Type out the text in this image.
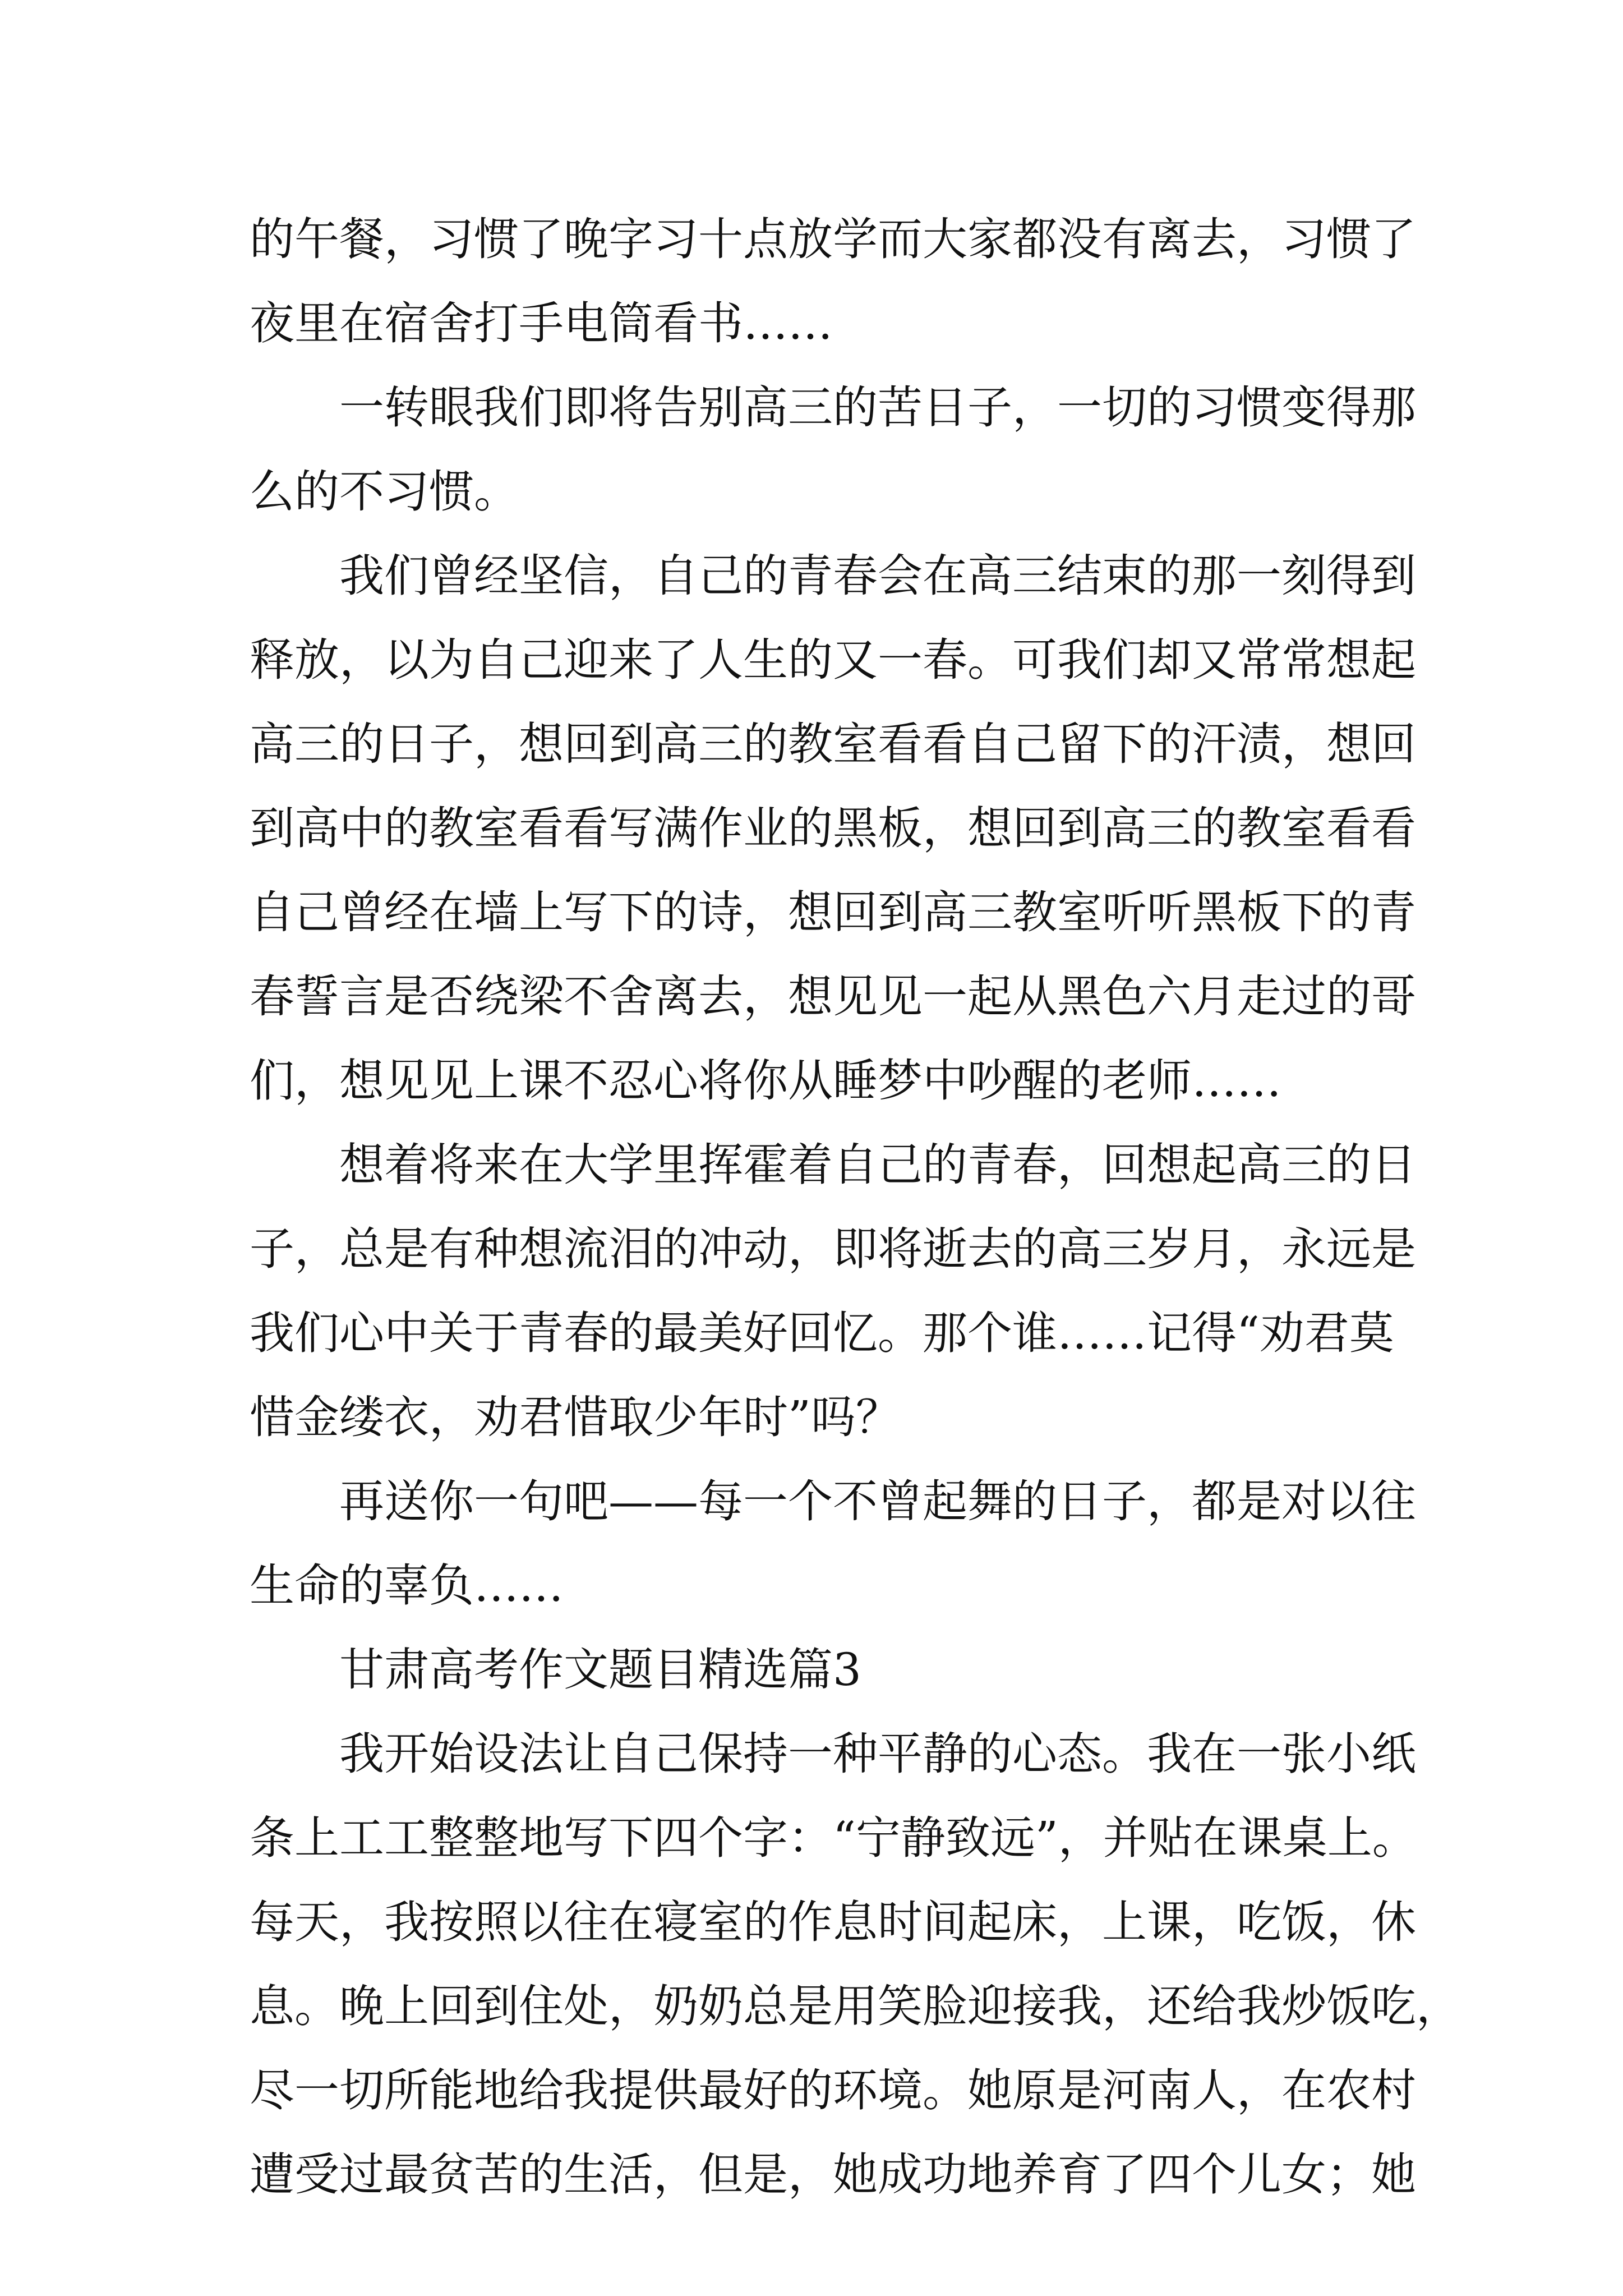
的午餐，习惯了晚字习十点放学而大家都没有离去，习惯了
夜里在宿舍打手电筒看书……
一转眼我们即将告别高三的苦日子，一切的习惯变得那
么的不习惯。
我们曾经坚信，自己的青春会在高三结束的那一刻得到
释放，以为自己迎来了人生的又一春。可我们却又常常想起
高三的日子，想回到高三的教室看看自己留下的汗渍，想回
到高中的教室看看写满作业的黑板，想回到高三的教室看看
自己曾经在墙上写下的诗，想回到高三教室听听黑板下的青
春誓言是否绕梁不舍离去，想见见一起从黑色六月走过的哥
们，想见见上课不忍心将你从睡梦中吵醒的老师……
想着将来在大学里挥霍着自己的青春，回想起高三的日
子，总是有种想流泪的冲动，即将逝去的高三岁月，永远是
我们心中关于青春的最美好回忆。那个谁……记得“劝君莫
惜金缕衣，劝君惜取少年时”吗？
再送你一句吧——每一个不曾起舞的日子，都是对以往
生命的辜负……
甘肃高考作文题目精选篇3
我开始设法让自己保持一种平静的心态。我在一张小纸
条上工工整整地写下四个字：“宁静致远”，并贴在课桌上。
每天，我按照以往在寝室的作息时间起床，上课，吃饭，休
息。晚上回到住处，奶奶总是用笑脸迎接我，还给我炒饭吃，
尽一切所能地给我提供最好的环境。她原是河南人，在农村
遭受过最贫苦的生活，但是，她成功地养育了四个儿女；她
